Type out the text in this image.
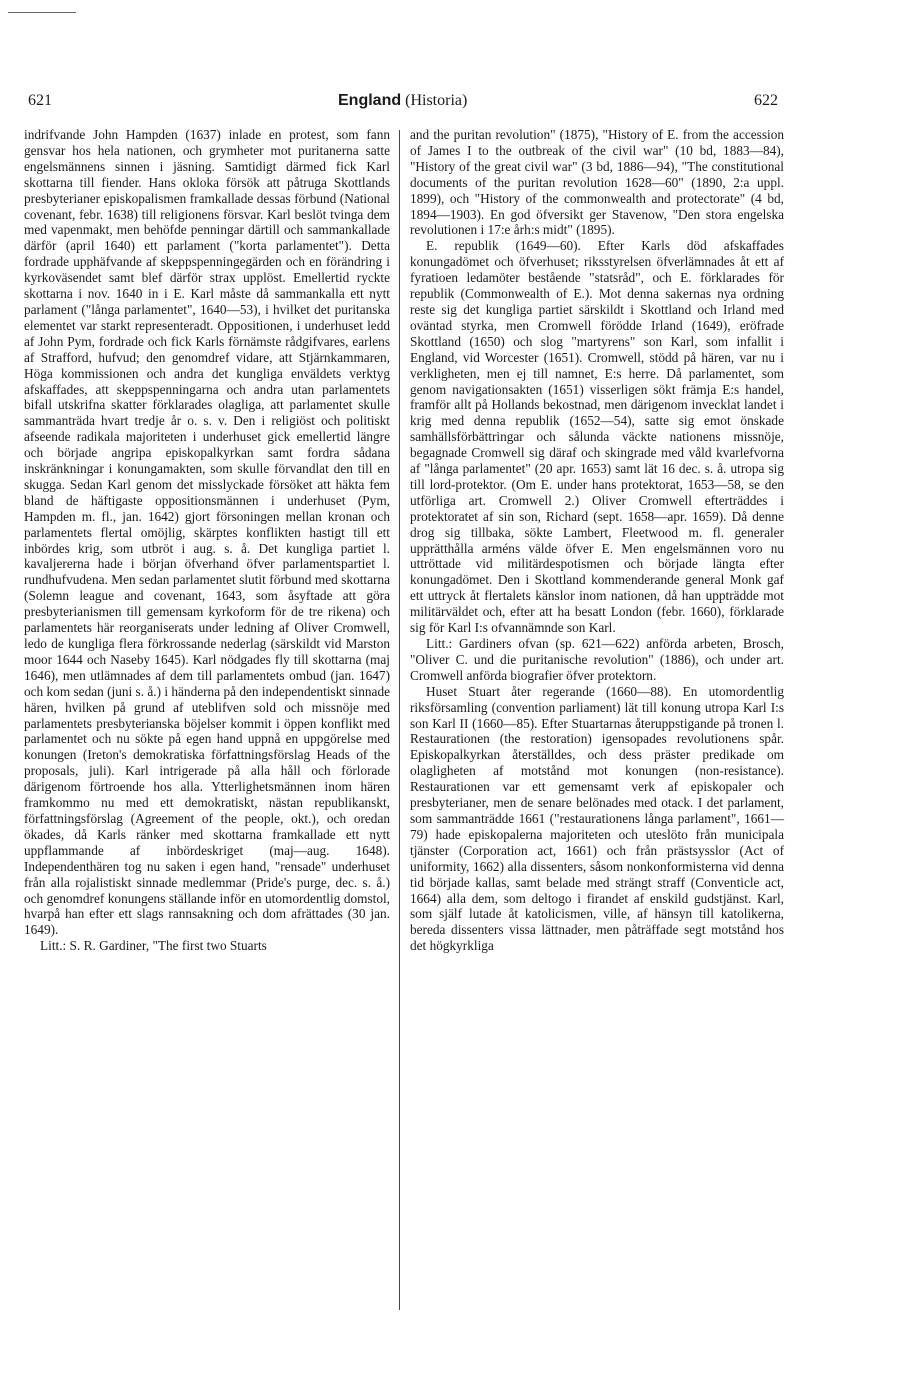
621	England (Historia)	622

indrifvande John Hampden (1637) inlade en protest, som fann gensvar hos hela nationen, och grymheter mot puritanerna satte engelsmännens sinnen i jäsning. Samtidigt därmed fick Karl skottarna till fiender. Hans okloka försök att påtruga Skottlands presbyterianer episkopalismen framkallade dessas förbund (National covenant, febr. 1638) till religionens försvar. Karl beslöt tvinga dem med vapenmakt, men behöfde penningar därtill och sammankallade därför (april 1640) ett parlament ("korta parlamentet"). Detta fordrade upphäfvande af skeppspenningegärden och en förändring i kyrkoväsendet samt blef därför strax upplöst. Emellertid ryckte skottarna i nov. 1640 in i E. Karl måste då sammankalla ett nytt parlament ("långa parlamentet", 1640—53), i hvilket det puritanska elementet var starkt representeradt. Oppositionen, i underhuset ledd af John Pym, fordrade och fick Karls förnämste rådgifvares, earlens af Strafford, hufvud; den genomdref vidare, att Stjärnkammaren, Höga kommissionen och andra det kungliga enväldets verktyg afskaffades, att skeppspenningarna och andra utan parlamentets bifall utskrifna skatter förklarades olagliga, att parlamentet skulle sammanträda hvart tredje år o. s. v. Den i religiöst och politiskt afseende radikala majoriteten i underhuset gick emellertid längre och började angripa episkopalkyrkan samt fordra sådana inskränkningar i konungamakten, som skulle förvandlat den till en skugga. Sedan Karl genom det misslyckade försöket att häkta fem bland de häftigaste oppositionsmännen i underhuset (Pym, Hampden m. fl., jan. 1642) gjort försoningen mellan kronan och parlamentets flertal omöjlig, skärptes konflikten hastigt till ett inbördes krig, som utbröt i aug. s. å. Det kungliga partiet l. kavaljererna hade i början öfverhand öfver parlamentspartiet l. rundhufvudena. Men sedan parlamentet slutit förbund med skottarna (Solemn league and covenant, 1643, som åsyftade att göra presbyterianismen till gemensam kyrkoform för de tre rikena) och parlamentets här reorganiserats under ledning af Oliver Cromwell, ledo de kungliga flera förkrossande nederlag (särskildt vid Marston moor 1644 och Naseby 1645). Karl nödgades fly till skottarna (maj 1646), men utlämnades af dem till parlamentets ombud (jan. 1647) och kom sedan (juni s. å.) i händerna på den independentiskt sinnade hären, hvilken på grund af uteblifven sold och missnöje med parlamentets presbyterianska böjelser kommit i öppen konflikt med parlamentet och nu sökte på egen hand uppnå en uppgörelse med konungen (Ireton's demokratiska författningsförslag Heads of the proposals, juli). Karl intrigerade på alla håll och förlorade därigenom förtroende hos alla. Ytterlighetsmännen inom hären framkommo nu med ett demokratiskt, nästan republikanskt, författningsförslag (Agreement of the people, okt.), och oredan ökades, då Karls ränker med skottarna framkallade ett nytt uppflammande af inbördeskriget (maj—aug. 1648). Independenthären tog nu saken i egen hand, "rensade" underhuset från alla rojalistiskt sinnade medlemmar (Pride's purge, dec. s. å.) och genomdref konungens ställande inför en utomordentlig domstol, hvarpå han efter ett slags rannsakning och dom afrättades (30 jan. 1649).

Litt.: S. R. Gardiner, "The first two Stuarts

and the puritan revolution" (1875), "History of E. from the accession of James I to the outbreak of the civil war" (10 bd, 1883—84), "History of the great civil war" (3 bd, 1886—94), "The constitutional documents of the puritan revolution 1628—60" (1890, 2:a uppl. 1899), och "History of the commonwealth and protectorate" (4 bd, 1894—1903). En god öfversikt ger Stavenow, "Den stora engelska revolutionen i 17:e årh:s midt" (1895).

E. republik (1649—60). Efter Karls död afskaffades konungadömet och öfverhuset; riksstyrelsen öfverlämnades åt ett af fyratioen ledamöter bestående "statsråd", och E. förklarades för republik (Commonwealth of E.). Mot denna sakernas nya ordning reste sig det kungliga partiet särskildt i Skottland och Irland med oväntad styrka, men Cromwell förödde Irland (1649), eröfrade Skottland (1650) och slog "martyrens" son Karl, som infallit i England, vid Worcester (1651). Cromwell, stödd på hären, var nu i verkligheten, men ej till namnet, E:s herre. Då parlamentet, som genom navigationsakten (1651) visserligen sökt främja E:s handel, framför allt på Hollands bekostnad, men därigenom invecklat landet i krig med denna republik (1652—54), satte sig emot önskade samhällsförbättringar och sålunda väckte nationens missnöje, begagnade Cromwell sig däraf och skingrade med våld kvarlefvorna af "långa parlamentet" (20 apr. 1653) samt lät 16 dec. s. å. utropa sig till lord-protektor. (Om E. under hans protektorat, 1653—58, se den utförliga art. Cromwell 2.) Oliver Cromwell efterträddes i protektoratet af sin son, Richard (sept. 1658—apr. 1659). Då denne drog sig tillbaka, sökte Lambert, Fleetwood m. fl. generaler upprätthålla arméns välde öfver E. Men engelsmännen voro nu uttröttade vid militärdespotismen och började längta efter konungadömet. Den i Skottland kommenderande general Monk gaf ett uttryck åt flertalets känslor inom nationen, då han uppträdde mot militärväldet och, efter att ha besatt London (febr. 1660), förklarade sig för Karl I:s ofvannämnde son Karl.

Litt.: Gardiners ofvan (sp. 621—622) anförda arbeten, Brosch, "Oliver C. und die puritanische revolution" (1886), och under art. Cromwell anförda biografier öfver protektorn.

Huset Stuart åter regerande (1660—88). En utomordentlig riksförsamling (convention parliament) lät till konung utropa Karl I:s son Karl II (1660—85). Efter Stuartarnas återuppstigande på tronen l. Restaurationen (the restoration) igensopades revolutionens spår. Episkopalkyrkan återställdes, och dess präster predikade om olagligheten af motstånd mot konungen (non-resistance). Restaurationen var ett gemensamt verk af episkopaler och presbyterianer, men de senare belönades med otack. I det parlament, som sammanträdde 1661 ("restaurationens långa parlament", 1661—79) hade episkopalerna majoriteten och uteslöto från municipala tjänster (Corporation act, 1661) och från prästsysslor (Act of uniformity, 1662) alla dissenters, såsom nonkonformisterna vid denna tid började kallas, samt belade med strängt straff (Conventicle act, 1664) alla dem, som deltogo i firandet af enskild gudstjänst. Karl, som själf lutade åt katolicismen, ville, af hänsyn till katolikerna, bereda dissenters vissa lättnader, men påträffade segt motstånd hos det högkyrkliga
